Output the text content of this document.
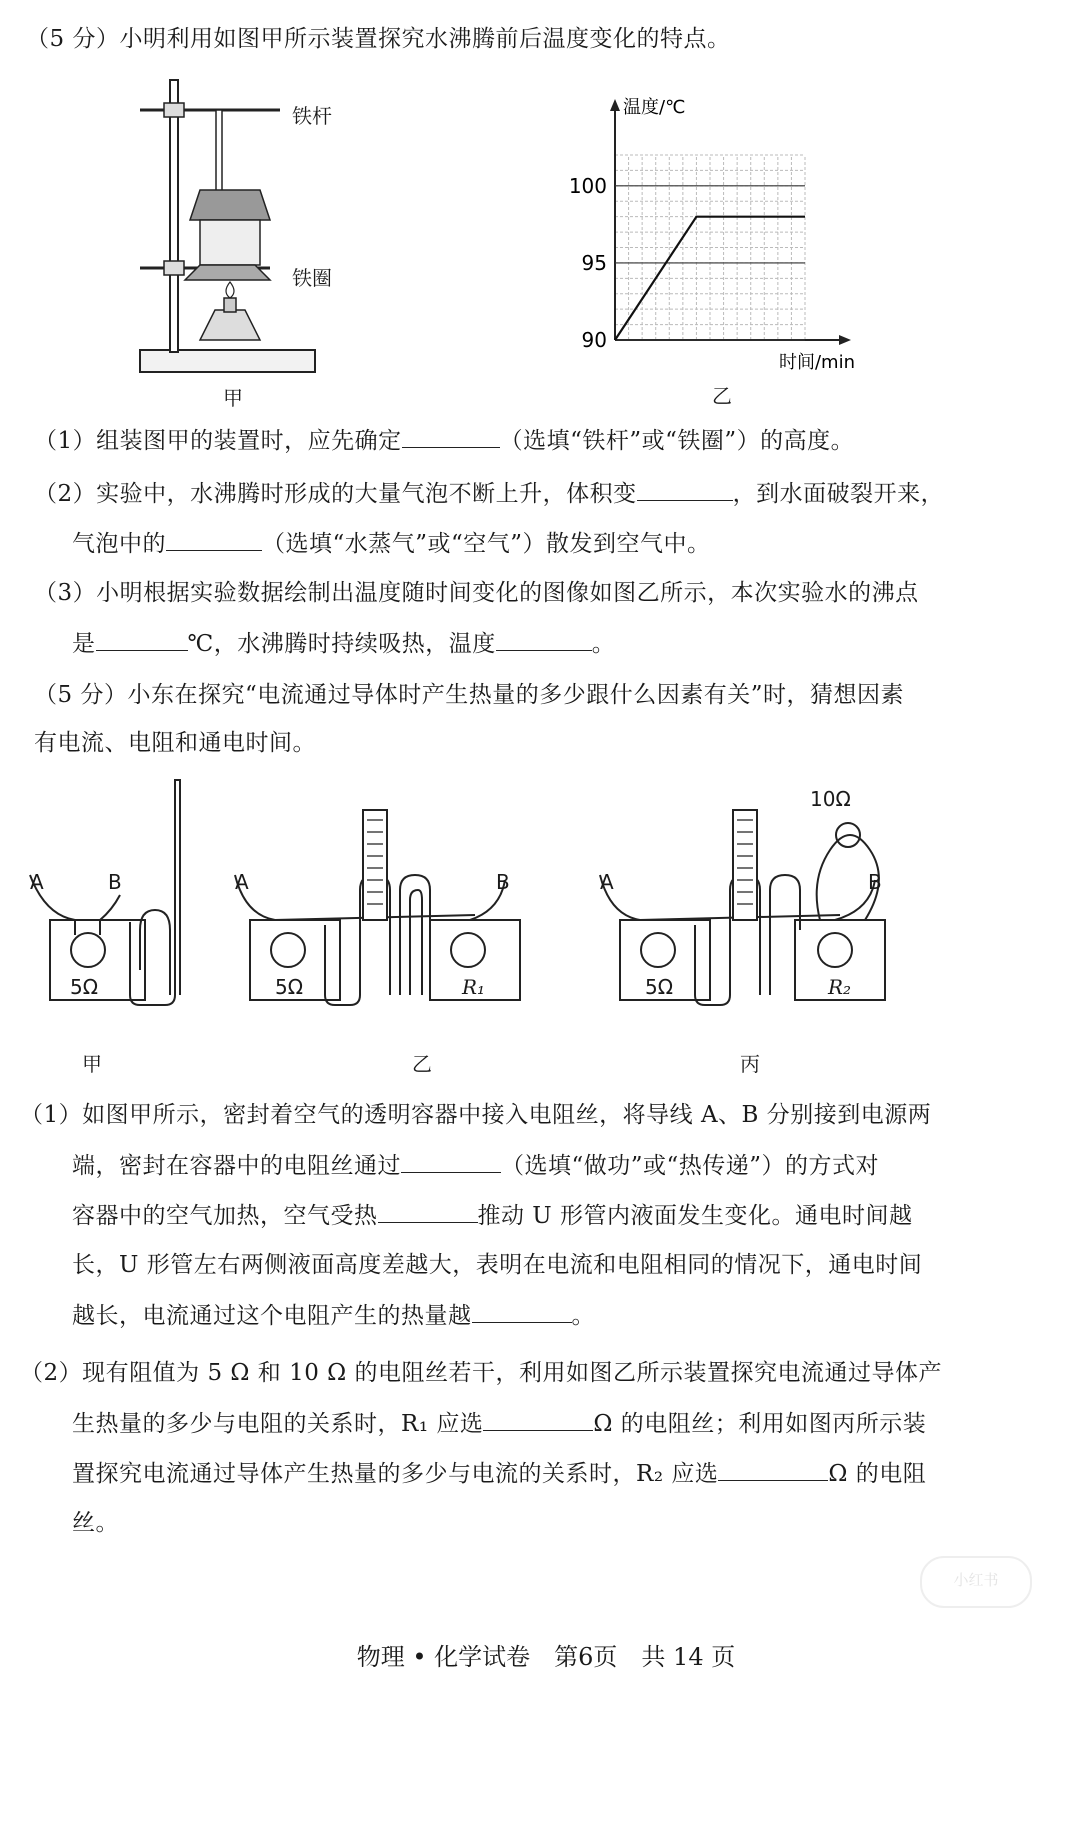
（5 分）小明利用如图甲所示装置探究水沸腾前后温度变化的特点。
铁杆
铁圈
甲
90
95
100
温度/℃
时间/min
乙
（1）组装图甲的装置时，应先确定	（选填“铁杆”或“铁圈”）的高度。
（2）实验中，水沸腾时形成的大量气泡不断上升，体积变	，到水面破裂开来，
气泡中的	（选填“水蒸气”或“空气”）散发到空气中。
（3）小明根据实验数据绘制出温度随时间变化的图像如图乙所示，本次实验水的沸点
是	℃，水沸腾时持续吸热，温度	。
（5 分）小东在探究“电流通过导体时产生热量的多少跟什么因素有关”时，猜想因素
有电流、电阻和通电时间。
A	B	A	B	A	B
5Ω	5Ω	R₁	5Ω	R₂
10Ω
甲	乙	丙
（1）如图甲所示，密封着空气的透明容器中接入电阻丝，将导线 A、B 分别接到电源两
端，密封在容器中的电阻丝通过	（选填“做功”或“热传递”）的方式对
容器中的空气加热，空气受热	推动 U 形管内液面发生变化。通电时间越
长，U 形管左右两侧液面高度差越大，表明在电流和电阻相同的情况下，通电时间
越长，电流通过这个电阻产生的热量越	。
（2）现有阻值为 5 Ω 和 10 Ω 的电阻丝若干，利用如图乙所示装置探究电流通过导体产
生热量的多少与电阻的关系时，R₁ 应选	Ω 的电阻丝；利用如图丙所示装
置探究电流通过导体产生热量的多少与电流的关系时，R₂ 应选	Ω 的电阻
丝。
小红书
物理 • 化学试卷　第6页　共 14 页
